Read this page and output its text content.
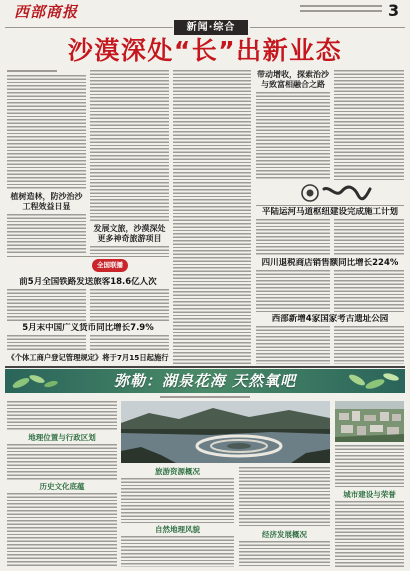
西部商报	3
新闻·综合
沙漠深处“长”出新业态
植树造林，防沙治沙工程效益日显
发展文旅，沙漠深处更多神奇旅游项目
带动增收，探索治沙与致富相融合之路
平陆运河马道枢纽建设完成施工计划
四川退税商店销售额同比增长224%
西部新增4家国家考古遗址公园
全国联播
前5月全国铁路发送旅客18.6亿人次
5月末中国广义货币同比增长7.9%
《个体工商户登记管理规定》将于7月15日起施行
弥勒：湖泉花海 天然氧吧
地理位置与行政区划
历史文化底蕴
旅游资源概况
自然地理风貌
经济发展概况
城市建设与荣誉
